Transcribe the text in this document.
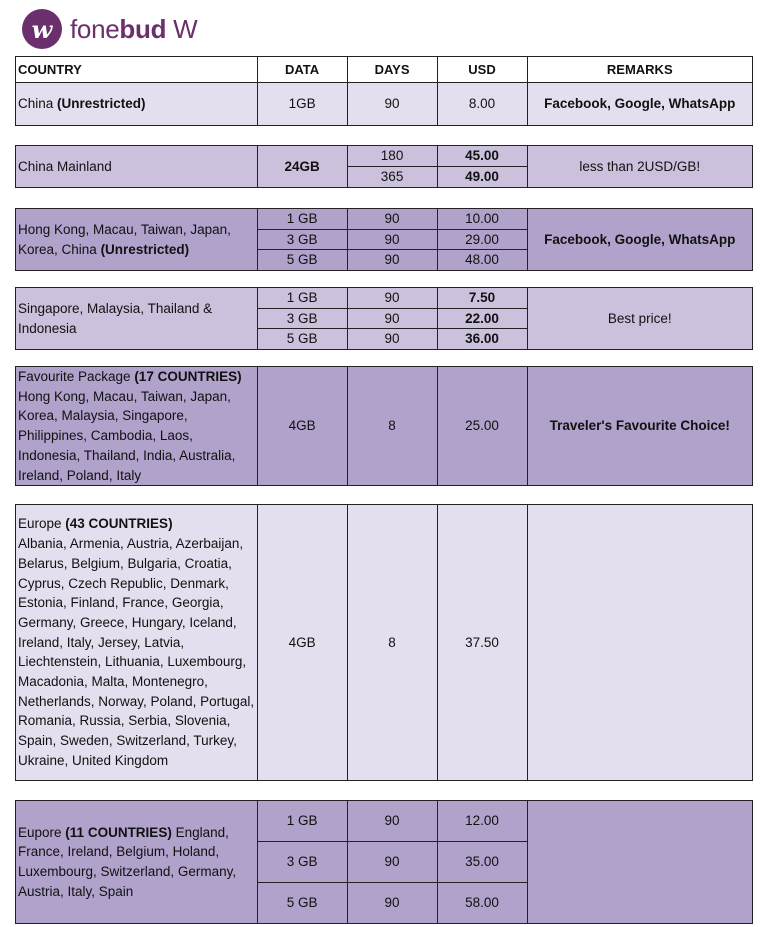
w fonebud W
COUNTRY	DATA	DAYS	USD	REMARKS
China (Unrestricted)	1GB	90	8.00	Facebook, Google, WhatsApp
China Mainland	24GB	180	45.00	less than 2USD/GB!
		365	49.00	
Hong Kong, Macau, Taiwan, Japan, Korea, China (Unrestricted)	1 GB	90	10.00	Facebook, Google, WhatsApp
	3 GB	90	29.00	
	5 GB	90	48.00	
Singapore, Malaysia, Thailand & Indonesia	1 GB	90	7.50	Best price!
	3 GB	90	22.00	
	5 GB	90	36.00	
Favourite Package (17 COUNTRIES)
Hong Kong, Macau, Taiwan, Japan, Korea, Malaysia, Singapore, Philippines, Cambodia, Laos, Indonesia, Thailand, India, Australia, Ireland, Poland, Italy	4GB	8	25.00	Traveler's Favourite Choice!
Europe (43 COUNTRIES)
Albania, Armenia, Austria, Azerbaijan, Belarus, Belgium, Bulgaria, Croatia, Cyprus, Czech Republic, Denmark, Estonia, Finland, France, Georgia, Germany, Greece, Hungary, Iceland, Ireland, Italy, Jersey, Latvia, Liechtenstein, Lithuania, Luxembourg, Macadonia, Malta, Montenegro, Netherlands, Norway, Poland, Portugal, Romania, Russia, Serbia, Slovenia, Spain, Sweden, Switzerland, Turkey, Ukraine, United Kingdom	4GB	8	37.50	
Eupore (11 COUNTRIES) England, France, Ireland, Belgium, Holand, Luxembourg, Switzerland, Germany, Austria, Italy, Spain	1 GB	90	12.00	
	3 GB	90	35.00	
	5 GB	90	58.00	
